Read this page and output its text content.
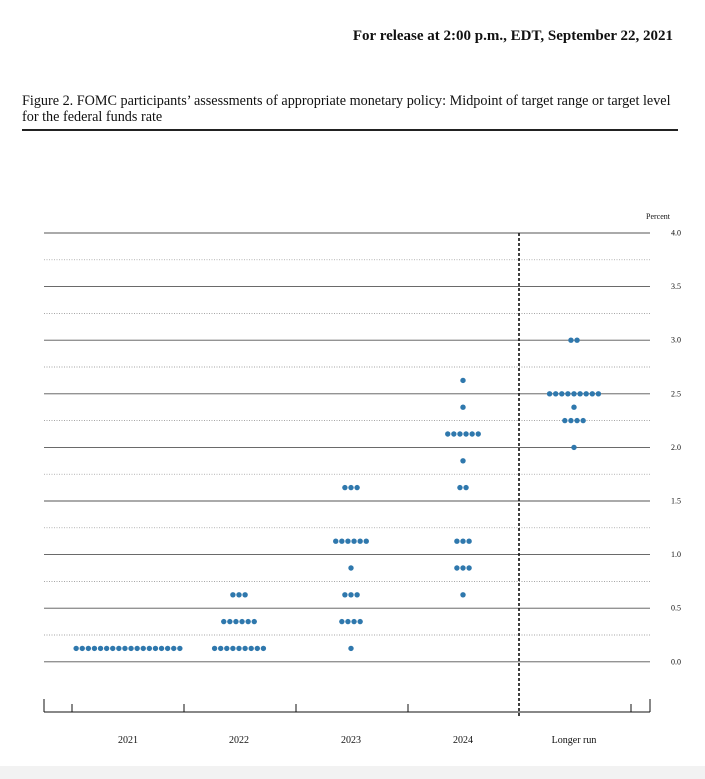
For release at 2:00 p.m., EDT, September 22, 2021
Figure 2. FOMC participants’ assessments of appropriate monetary policy: Midpoint of target range or target level for the federal funds rate
4.0
3.5
3.0
2.5
2.0
1.5
1.0
0.5
0.0
Percent
2021	2022	2023	2024	Longer run
